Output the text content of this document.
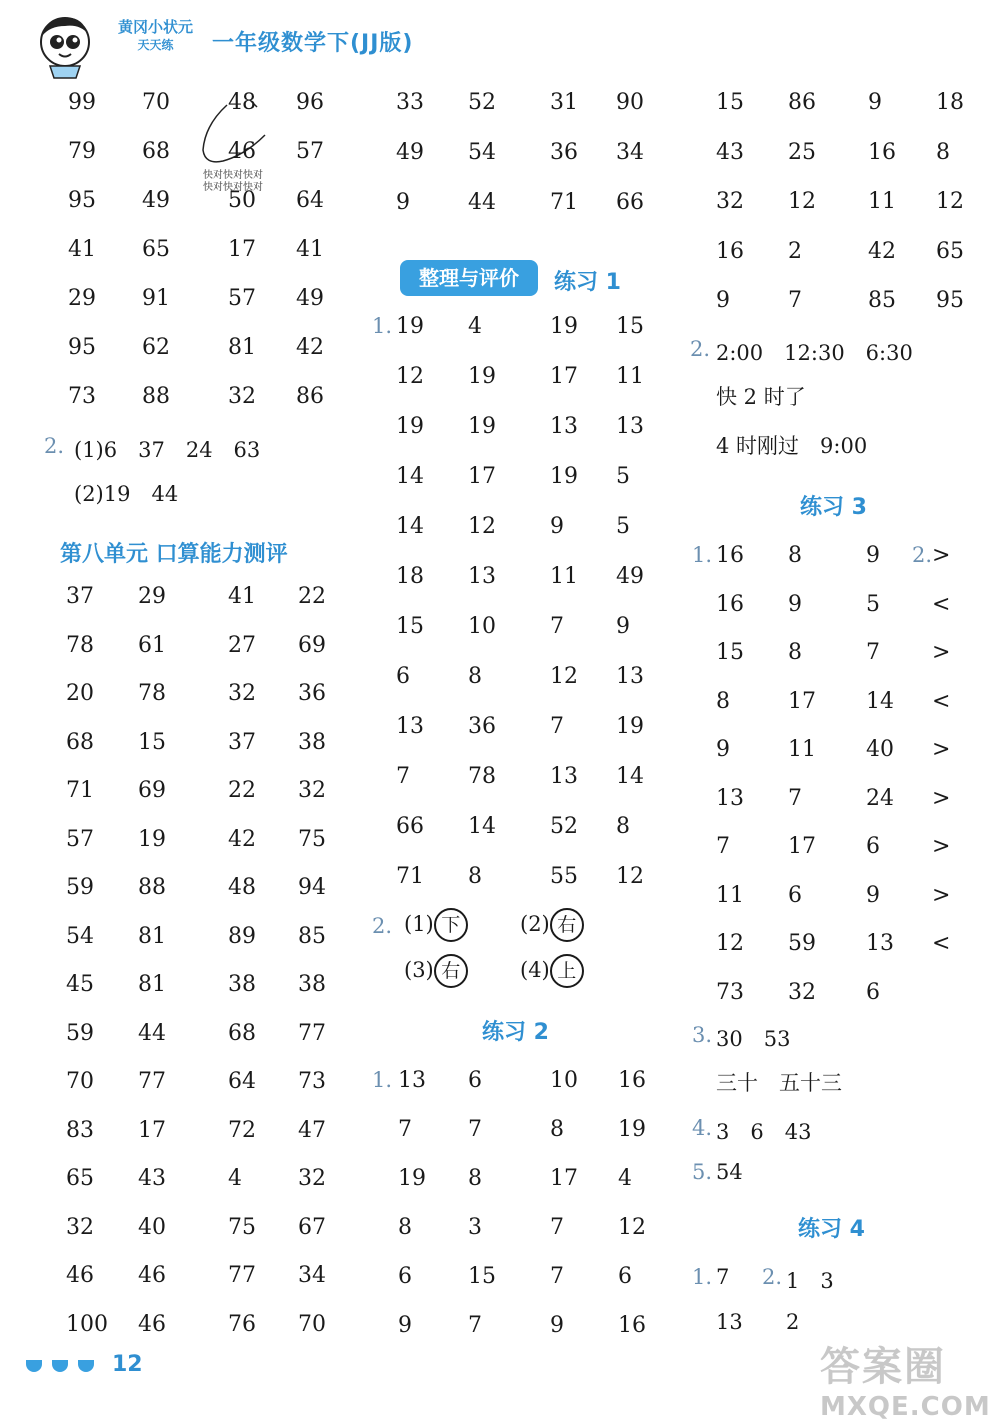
黄冈小状元
天天练	一年级数学下(JJ版)
快对快对快对
快对快对快对
99 70	48 96
79 68	46 57
95 49	50 64
41 65	17 41
29 91	57 49
95 62	81 42
73 88	32 86
2. (1)6　37　24　63
(2)19　44
第八单元 口算能力测评
37 29	41 22
78 61	27 69
20 78	32 36
68 15	37 38
71 69	22 32
57 19	42 75
59 88	48 94
54 81	89 85
45 81	38 38
59 44	68 77
70 77	64 73
83 17	72 47
65 43	4	32
32 40	75 67
46 46	77 34
100 46	76 70
33 52 31 90
49 54 36 34
9	44 71 66
整理与评价	练习 1
1. 19 4	19 15
12 19 17 11
19 19 13 13
14 17 19 5
14 12 9 5
18 13 11 49
15 10 7 9
6	8	12 13
13 36 7 19
7	78 13 14
66 14 52 8
71 8	55 12
2. (1) 下	(2) 右
(3) 右	(4) 上
练习 2
1. 13 6	10 16
7	7	8 19
19 8	17 4
8	3	7 12
6	15 7 6
9	7	9 16
15 86 9 18
43 25 16 8
32 12 11 12
16 2	42 65
9	7	85 95
2. 2:00　12:30　6:30
快 2 时了
4 时刚过　9:00
练习 3
1.	2.
16 8	9 >
16 9	5 <
15 8	7 >
8	17 14 <
9	11 40 >
13 7	24 >
7	17 6 >
11 6	9 >
12 59 13 <
73 32 6
3. 30　53
三十　五十三
4. 3　6　43
5. 54
练习 4
1. 7 2. 1　3
13 2
12	答案圈
MXQE.COM
